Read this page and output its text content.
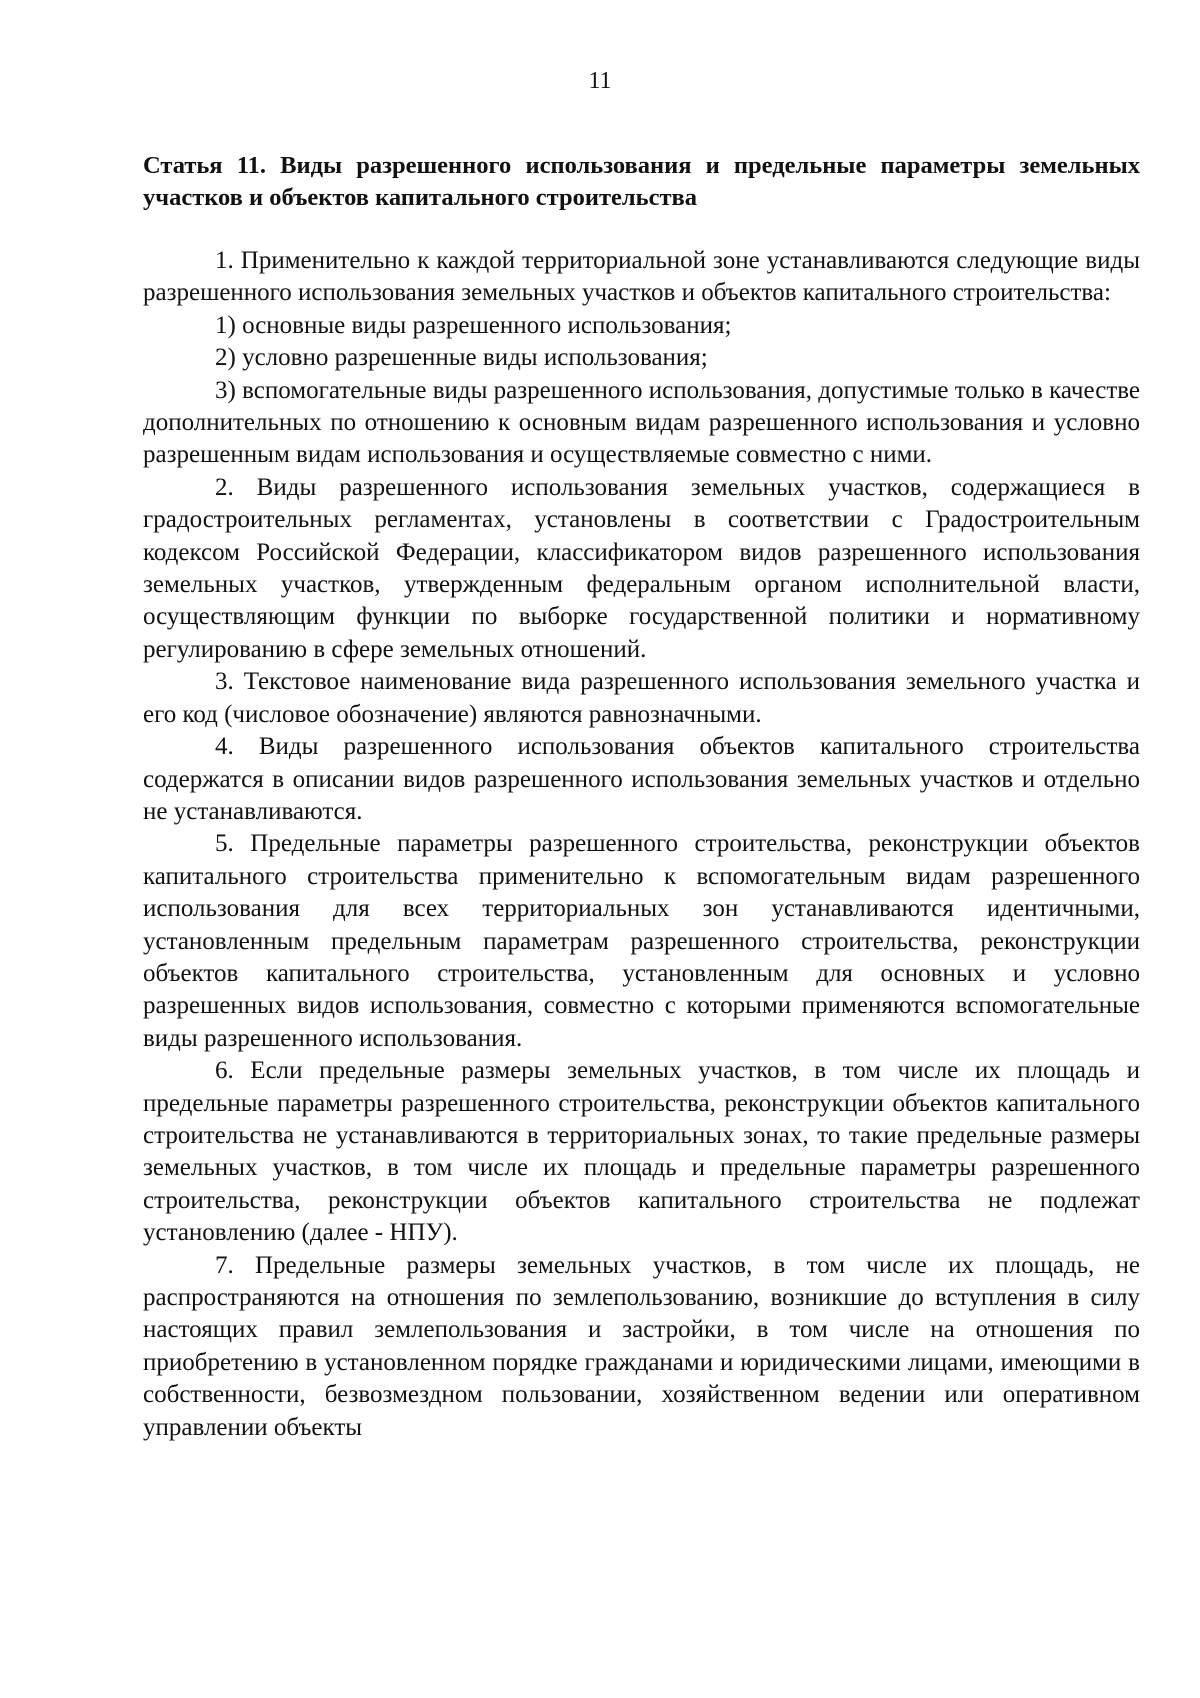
11
Статья 11. Виды разрешенного использования и предельные параметры земельных участков и объектов капитального строительства

1. Применительно к каждой территориальной зоне устанавливаются следующие виды разрешенного использования земельных участков и объектов капитального строительства:

1) основные виды разрешенного использования;

2) условно разрешенные виды использования;

3) вспомогательные виды разрешенного использования, допустимые только в качестве дополнительных по отношению к основным видам разрешенного использования и условно разрешенным видам использования и осуществляемые совместно с ними.

2. Виды разрешенного использования земельных участков, содержащиеся в градостроительных регламентах, установлены в соответствии с Градостроительным кодексом Российской Федерации, классификатором видов разрешенного использования земельных участков, утвержденным федеральным органом исполнительной власти, осуществляющим функции по выборке государственной политики и нормативному регулированию в сфере земельных отношений.

3. Текстовое наименование вида разрешенного использования земельного участка и его код (числовое обозначение) являются равнозначными.

4. Виды разрешенного использования объектов капитального строительства содержатся в описании видов разрешенного использования земельных участков и отдельно не устанавливаются.

5. Предельные параметры разрешенного строительства, реконструкции объектов капитального строительства применительно к вспомогательным видам разрешенного использования для всех территориальных зон устанавливаются идентичными, установленным предельным параметрам разрешенного строительства, реконструкции объектов капитального строительства, установленным для основных и условно разрешенных видов использования, совместно с которыми применяются вспомогательные виды разрешенного использования.

6. Если предельные размеры земельных участков, в том числе их площадь и предельные параметры разрешенного строительства, реконструкции объектов капитального строительства не устанавливаются в территориальных зонах, то такие предельные размеры земельных участков, в том числе их площадь и предельные параметры разрешенного строительства, реконструкции объектов капитального строительства не подлежат установлению (далее - НПУ).

7. Предельные размеры земельных участков, в том числе их площадь, не распространяются на отношения по землепользованию, возникшие до вступления в силу настоящих правил землепользования и застройки, в том числе на отношения по приобретению в установленном порядке гражданами и юридическими лицами, имеющими в собственности, безвозмездном пользовании, хозяйственном ведении или оперативном управлении объекты
